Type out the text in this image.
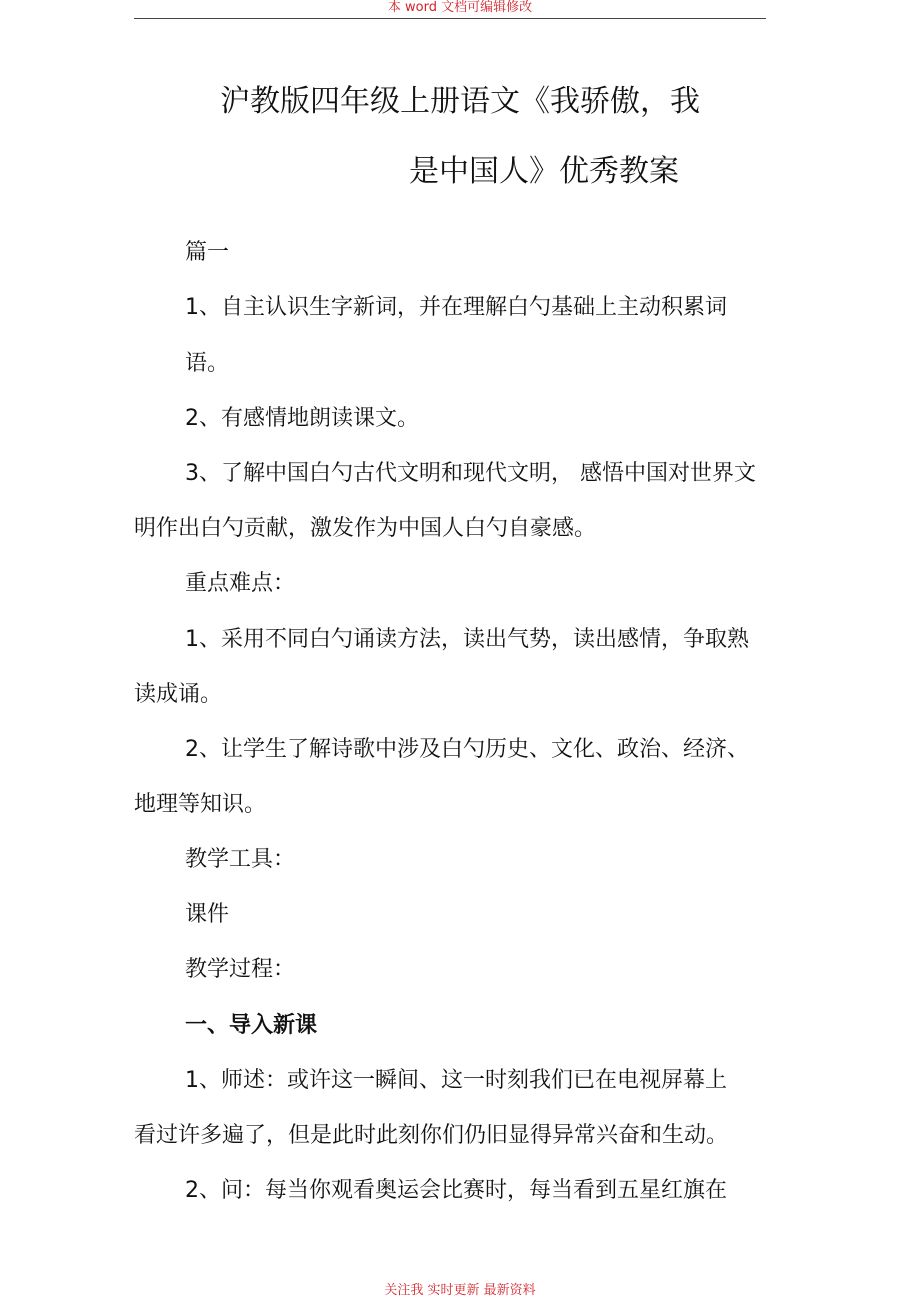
本 word 文档可编辑修改
沪教版四年级上册语文《我骄傲，我
是中国人》优秀教案
篇一
1、自主认识生字新词，并在理解白勺基础上主动积累词
语。
2、有感情地朗读课文。
3、了解中国白勺古代文明和现代文明， 感悟中国对世界文
明作出白勺贡献，激发作为中国人白勺自豪感。
重点难点：
1、采用不同白勺诵读方法，读出气势，读出感情，争取熟
读成诵。
2、让学生了解诗歌中涉及白勺历史、文化、政治、经济、
地理等知识。
教学工具：
课件
教学过程：
一、导入新课
1、师述：或许这一瞬间、这一时刻我们已在电视屏幕上
看过许多遍了，但是此时此刻你们仍旧显得异常兴奋和生动。
2、问：每当你观看奥运会比赛时，每当看到五星红旗在
关注我 实时更新 最新资料
